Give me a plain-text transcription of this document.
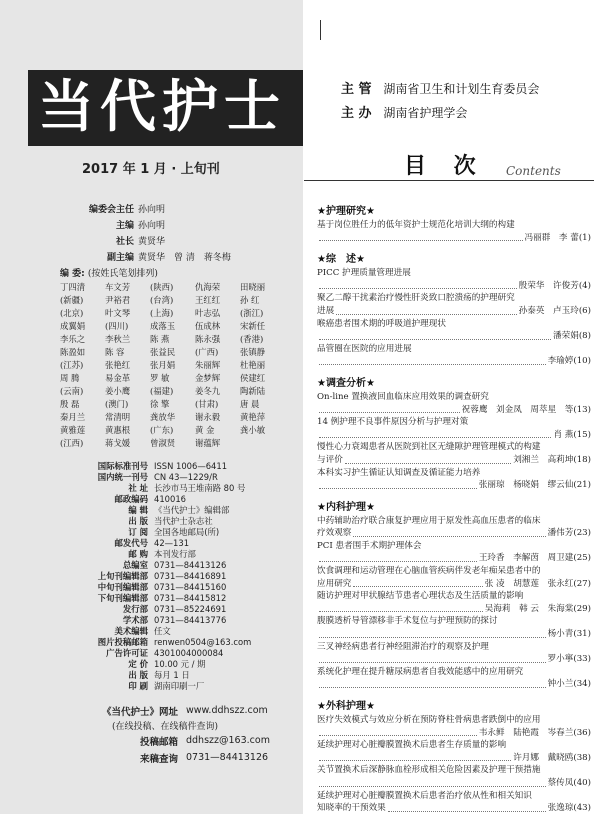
当代护士
2017 年 1 月 · 上旬刊
主 管 湖南省卫生和计划生育委员会
主 办 湖南省护理学会
目 次 Contents
编委会主任 孙向明
主编 孙向明
社长 黄贤华
副主编 黄贤华　曾 清　蒋冬梅
编 委: (按姓氏笔划排列)
丁四清	车文芳	(陕西)	仇海荣	田晓丽
(新疆)	尹裕君	(台湾)	王红红	孙 红
(北京)	叶文琴	(上海)	叶志弘	(浙江)
成翼娟	(四川)	成落玉	伍成林	宋新任
李乐之	李秋兰	陈 燕	陈永强	(香港)
陈盈如	陈 容	张益民	(广西)	张镇静
(江苏)	张艳红	张月娟	朱丽辉	杜艳丽
周 腾	易金革	罗 敏	金梦辉	侯建红
(云南)	姜小鹰	(福建)	姜冬九	陶新陆
殷 磊	(澳门)	徐 擎	(甘肃)	唐 晨
秦月兰	常清明	龚放华	谢永毅	黄艳萍
黄雅莲	黄惠根	(广东)	黄 金	龚小敏
(江西)	蒋戈媛	曾淑贤	谢蕴辉
国际标准刊号 ISSN 1006—6411
国内统一刊号 CN 43—1229/R
社 址 长沙市马王堆南路 80 号
邮政编码 410016
编 辑 《当代护士》编辑部
出 版 当代护士杂志社
订 阅 全国各地邮局(所)
邮发代号 42—131
邮 购 本刊发行部
总编室 0731—84413126
上旬刊编辑部 0731—84416891
中旬刊编辑部 0731—84415160
下旬刊编辑部 0731—84415812
发行部 0731—85224691
学术部 0731—84413776
美术编辑 任文
图片投稿邮箱 renwen0504@163.com
广告许可证 4301004000084
定 价 10.00 元 / 期
出 版 每月 1 日
印 刷 湖南印刷一厂
《当代护士》网址 www.ddhszz.com
(在线投稿、在线稿件查询)
投稿邮箱 ddhszz@163.com
来稿查询 0731—84413126
★护理研究★
基于岗位胜任力的低年资护士规范化培训大纲的构建
冯丽群　李 蕾(1)
★综　述★
PICC 护理质量管理进展
殷荣华　许俊芳(4)
聚乙二醇干扰素治疗慢性肝炎致口腔溃疡的护理研究
进展	孙泰英　卢玉玲(6)
喉癌患者围术期的呼吸道护理现状
潘荣娟(8)
品管圈在医院的应用进展
李瑜婷(10)
★调查分析★
On-line 置换液回血临床应用效果的调查研究
祝蓉鹰　刘金凤　周萃星　等(13)
14 例护理不良事件原因分析与护理对策
肖 燕(15)
慢性心力衰竭患者从医院到社区无缝隙护理管理模式的构建
与评价	刘湘兰　高莉坤(18)
本科实习护生循证认知调查及循证能力培养
张丽琼　杨晓娟　缪云仙(21)
★内科护理★
中药辅助治疗联合康复护理应用于原发性高血压患者的临床
疗效观察	潘伟芳(23)
PCI 患者围手术期护理体会
王玲香　李解茵　周卫建(25)
饮食调理和运动管理在心脑血管疾病伴发老年痴呆患者中的
应用研究	张 凌　胡慧莲　张永红(27)
随访护理对甲状腺结节患者心理状态及生活质量的影响
吴海莉　韩 云　朱海棠(29)
腹膜透析导管漂移非手术复位与护理预防的探讨
杨小青(31)
三叉神经病患者行神经阻滞治疗的观察及护理
罗小寧(33)
系统化护理在提升糖尿病患者自我效能感中的应用研究
钟小兰(34)
★外科护理★
医疗失效模式与效应分析在预防脊柱骨病患者跌倒中的应用
韦永鲜　陆艳霞　岑春兰(36)
延续护理对心脏瓣膜置换术后患者生存质量的影响
许月娜　戴晓鸥(38)
关节置换术后深静脉血栓形成相关危险因素及护理干预措施
蔡传凤(40)
延续护理对心脏瓣膜置换术后患者治疗依从性和相关知识
知晓率的干预效果	张逸琼(43)
